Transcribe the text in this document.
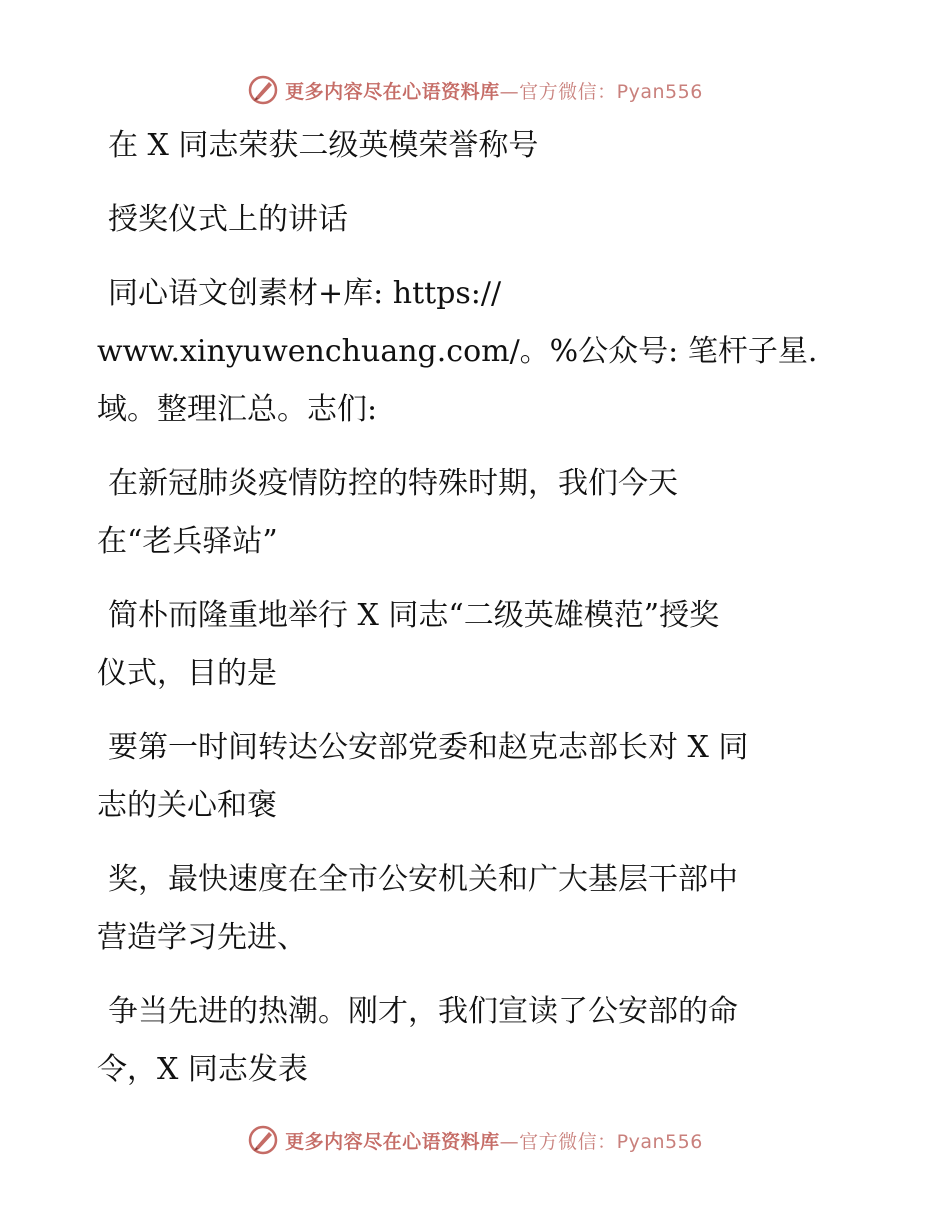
更多内容尽在心语资料库—官方微信：Pyan556
在 X 同志荣获二级英模荣誉称号
授奖仪式上的讲话
同心语文创素材+库: https://
www.xinyuwenchuang.com/。%公众号: 笔杆子星.
域。整理汇总。志们:
在新冠肺炎疫情防控的特殊时期，我们今天
在“老兵驿站”
简朴而隆重地举行 X 同志“二级英雄模范”授奖
仪式，目的是
要第一时间转达公安部党委和赵克志部长对 X 同
志的关心和褒
奖，最快速度在全市公安机关和广大基层干部中
营造学习先进、
争当先进的热潮。刚才，我们宣读了公安部的命
令，X 同志发表
更多内容尽在心语资料库—官方微信：Pyan556
